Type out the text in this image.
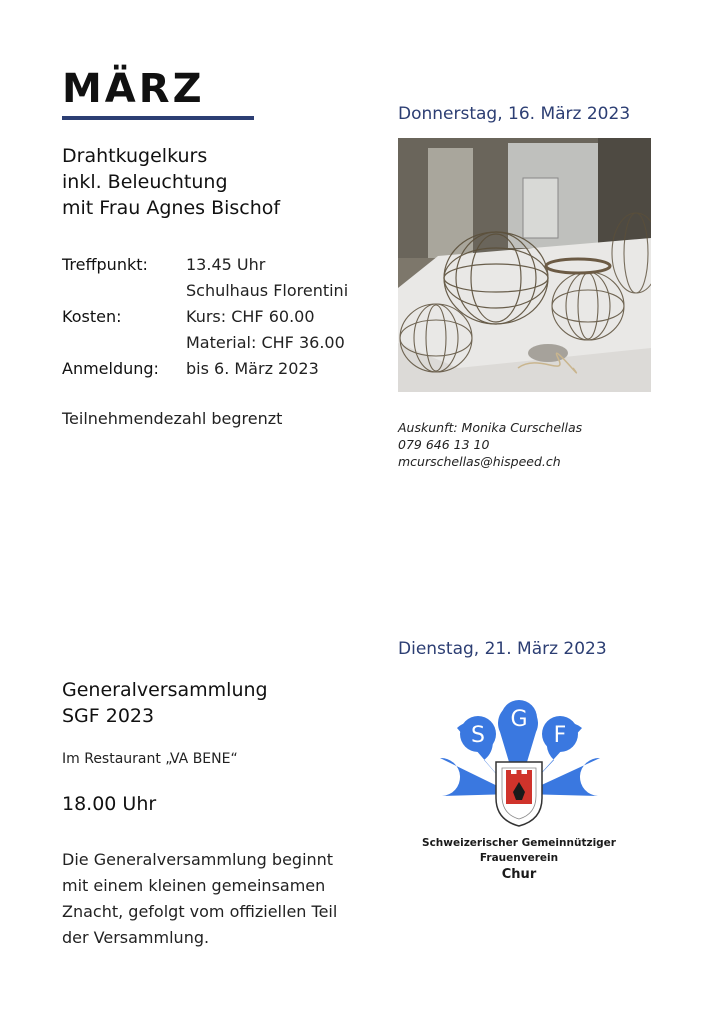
MÄRZ
Donnerstag, 16. März 2023
Drahtkugelkurs
inkl. Beleuchtung
mit Frau Agnes Bischof
Treffpunkt:	13.45 Uhr
	Schulhaus Florentini
Kosten:	Kurs: CHF 60.00
	Material: CHF 36.00
Anmeldung:	bis 6. März 2023
Teilnehmendezahl begrenzt	Auskunft: Monika Curschellas
079 646 13 10
mcurschellas@hispeed.ch
Dienstag, 21. März 2023
Generalversammlung
SGF 2023
Im Restaurant „VA BENE“
18.00 Uhr
Die Generalversammlung beginnt
mit einem kleinen gemeinsamen
Znacht, gefolgt vom offiziellen Teil
der Versammlung.
S
G
F
Schweizerischer Gemeinnütziger
Frauenverein
Chur
